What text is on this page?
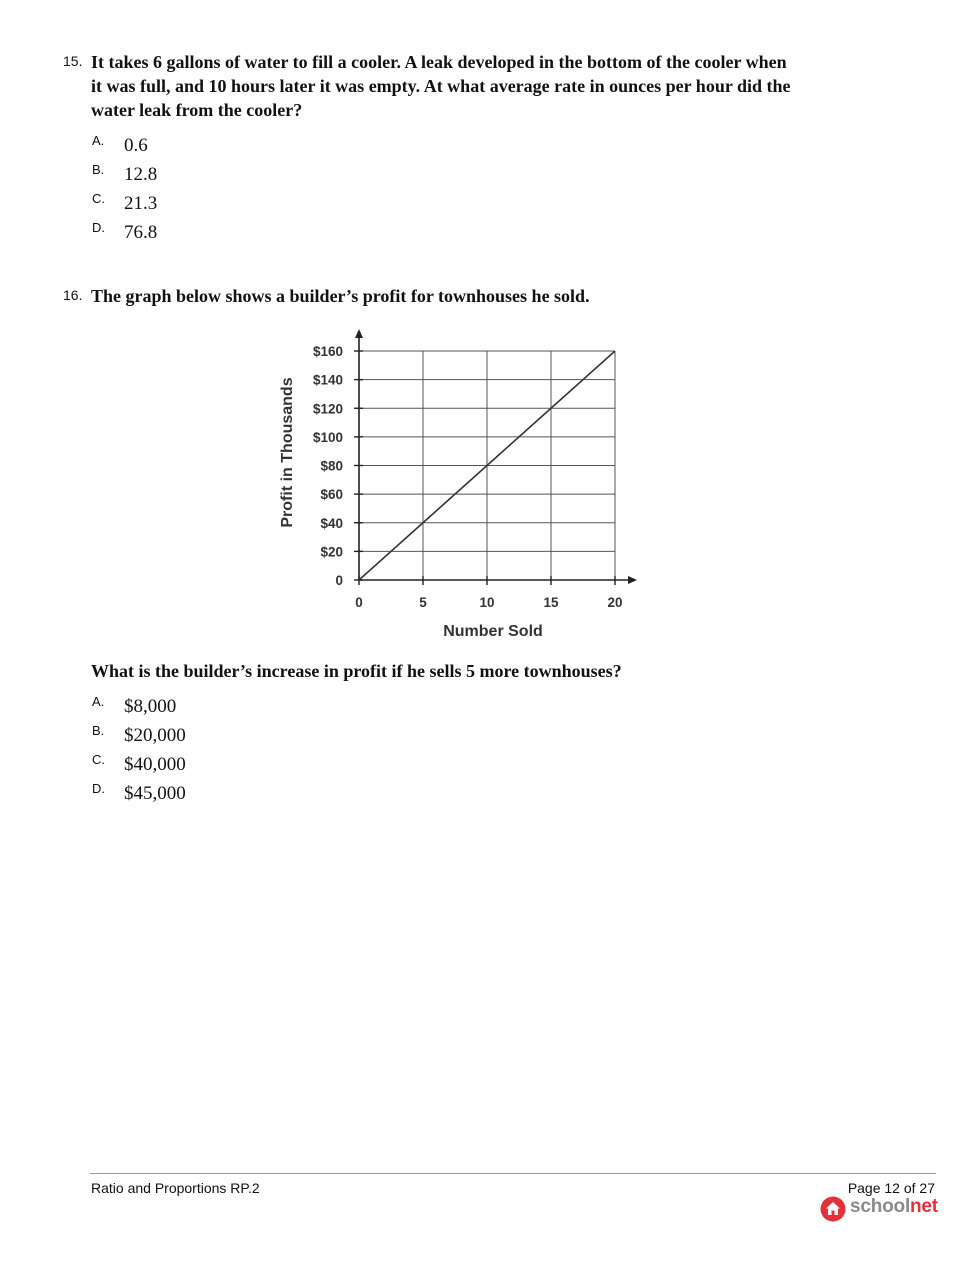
15. It takes 6 gallons of water to fill a cooler. A leak developed in the bottom of the cooler when
it was full, and 10 hours later it was empty. At what average rate in ounces per hour did the
water leak from the cooler?
A. 0.6
B. 12.8
C. 21.3
D. 76.8
16. The graph below shows a builder’s profit for townhouses he sold.
0	5	10	15	20
0
$20
$40
$60
$80
$100
$120
$140
$160
Number Sold
Profit in Thousands
What is the builder’s increase in profit if he sells 5 more townhouses?
A. $8,000
B. $20,000
C. $40,000
D. $45,000
Ratio and Proportions RP.2	Page 12 of 27
schoolnet
